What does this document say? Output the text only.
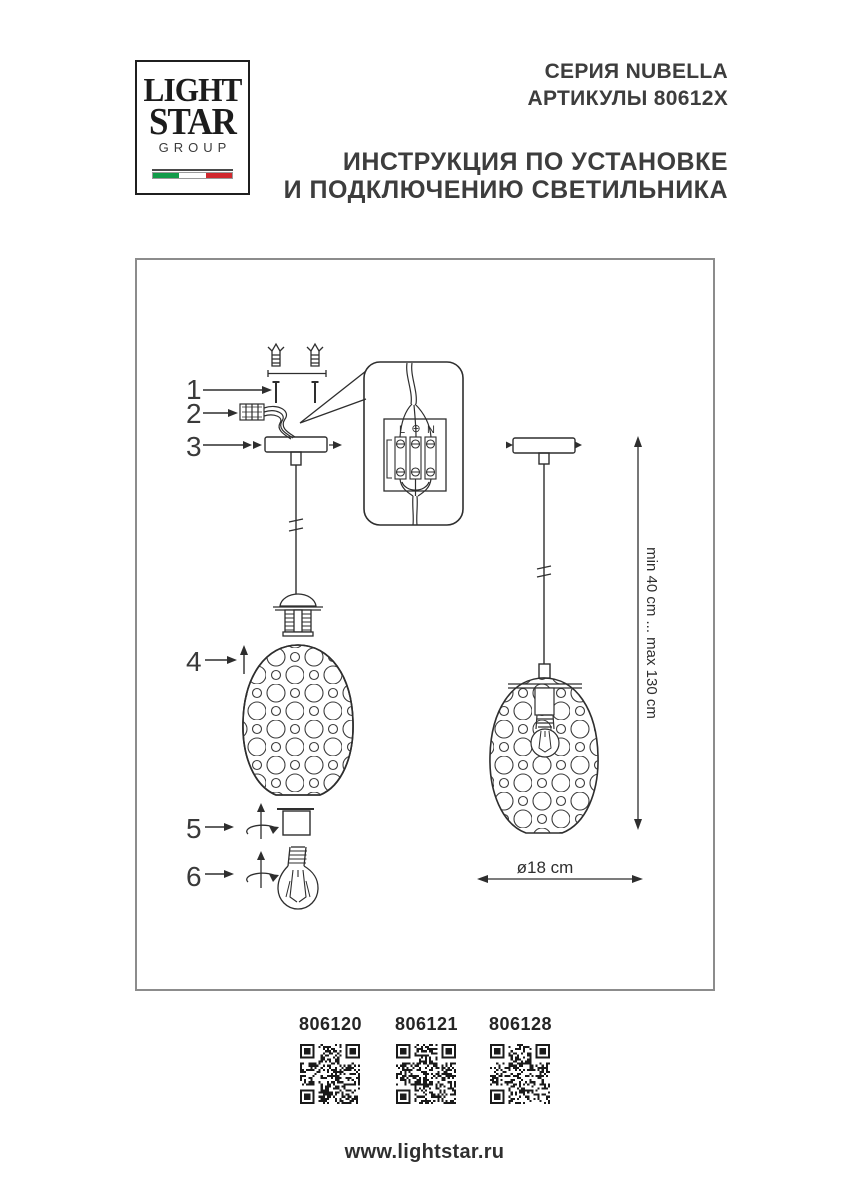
LIGHT
STAR
GROUP
СЕРИЯ NUBELLA
АРТИКУЛЫ 80612X
ИНСТРУКЦИЯ ПО УСТАНОВКЕ
И ПОДКЛЮЧЕНИЮ СВЕТИЛЬНИКА
1
2
3
4
5
6
L ⊕ N
min 40 cm ... max 130 cm
ø18 cm
806120 806121 806128
www.lightstar.ru
